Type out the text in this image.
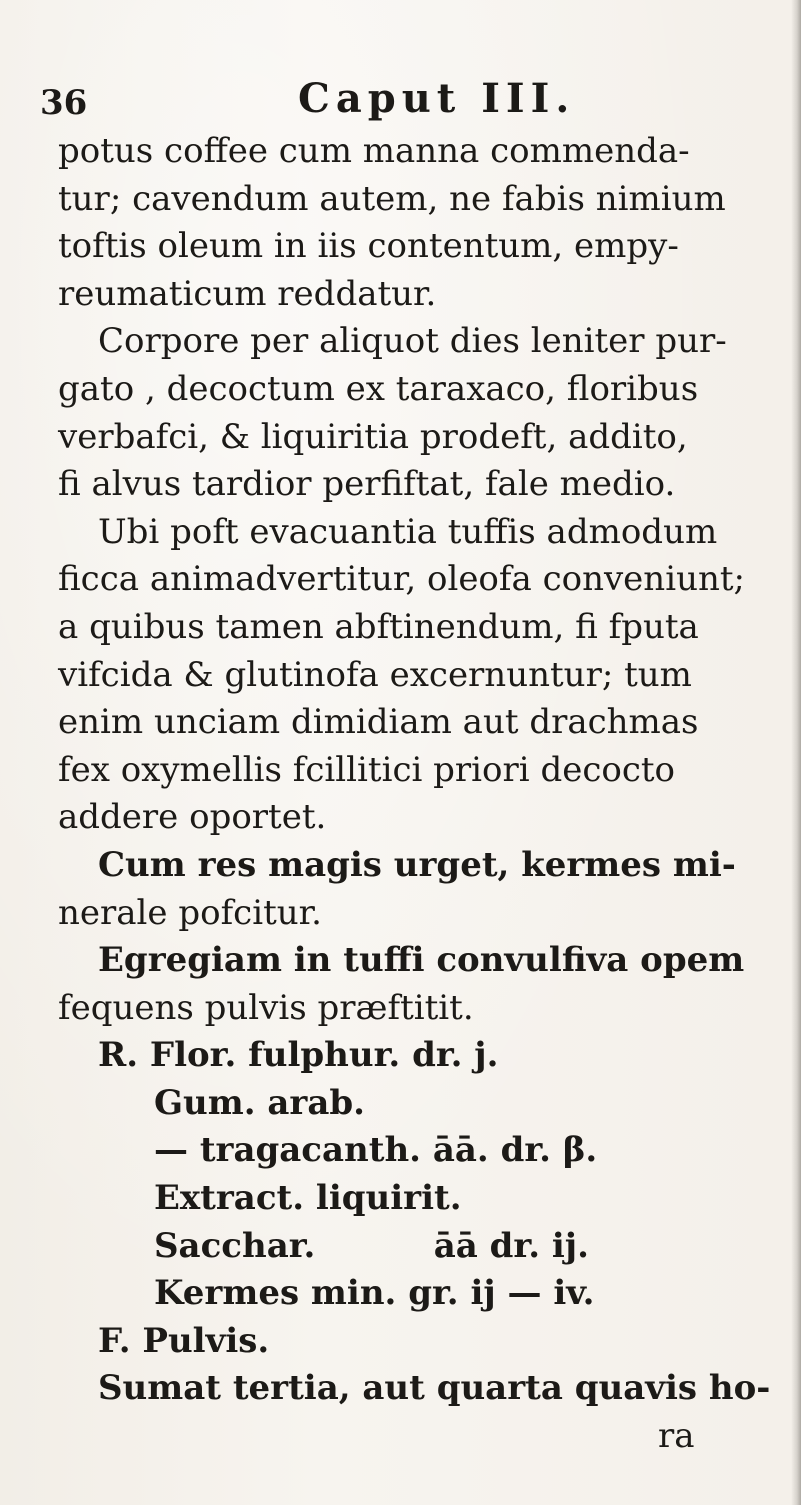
36	Caput III.
potus coffee cum manna commenda-
tur; cavendum autem, ne fabis nimium
toftis oleum in iis contentum, empy-
reumaticum reddatur.
Corpore per aliquot dies leniter pur-
gato , decoctum ex taraxaco, floribus
verbafci, & liquiritia prodeft, addito,
fi alvus tardior perfiftat, fale medio.
Ubi poft evacuantia tuffis admodum
ficca animadvertitur, oleofa conveniunt;
a quibus tamen abftinendum, fi fputa
vifcida & glutinofa excernuntur; tum
enim unciam dimidiam aut drachmas
fex oxymellis fcillitici priori decocto
addere oportet.
Cum res magis urget, kermes mi-
nerale pofcitur.
Egregiam in tuffi convulfiva opem
fequens pulvis præftitit.
R. Flor. fulphur. dr. j.
Gum. arab.
— tragacanth. āā. dr. β.
Extract. liquirit.
Sacchar.          āā dr. ij.
Kermes min. gr. ij — iv.
F. Pulvis.
Sumat tertia, aut quarta quavis ho-
ra
